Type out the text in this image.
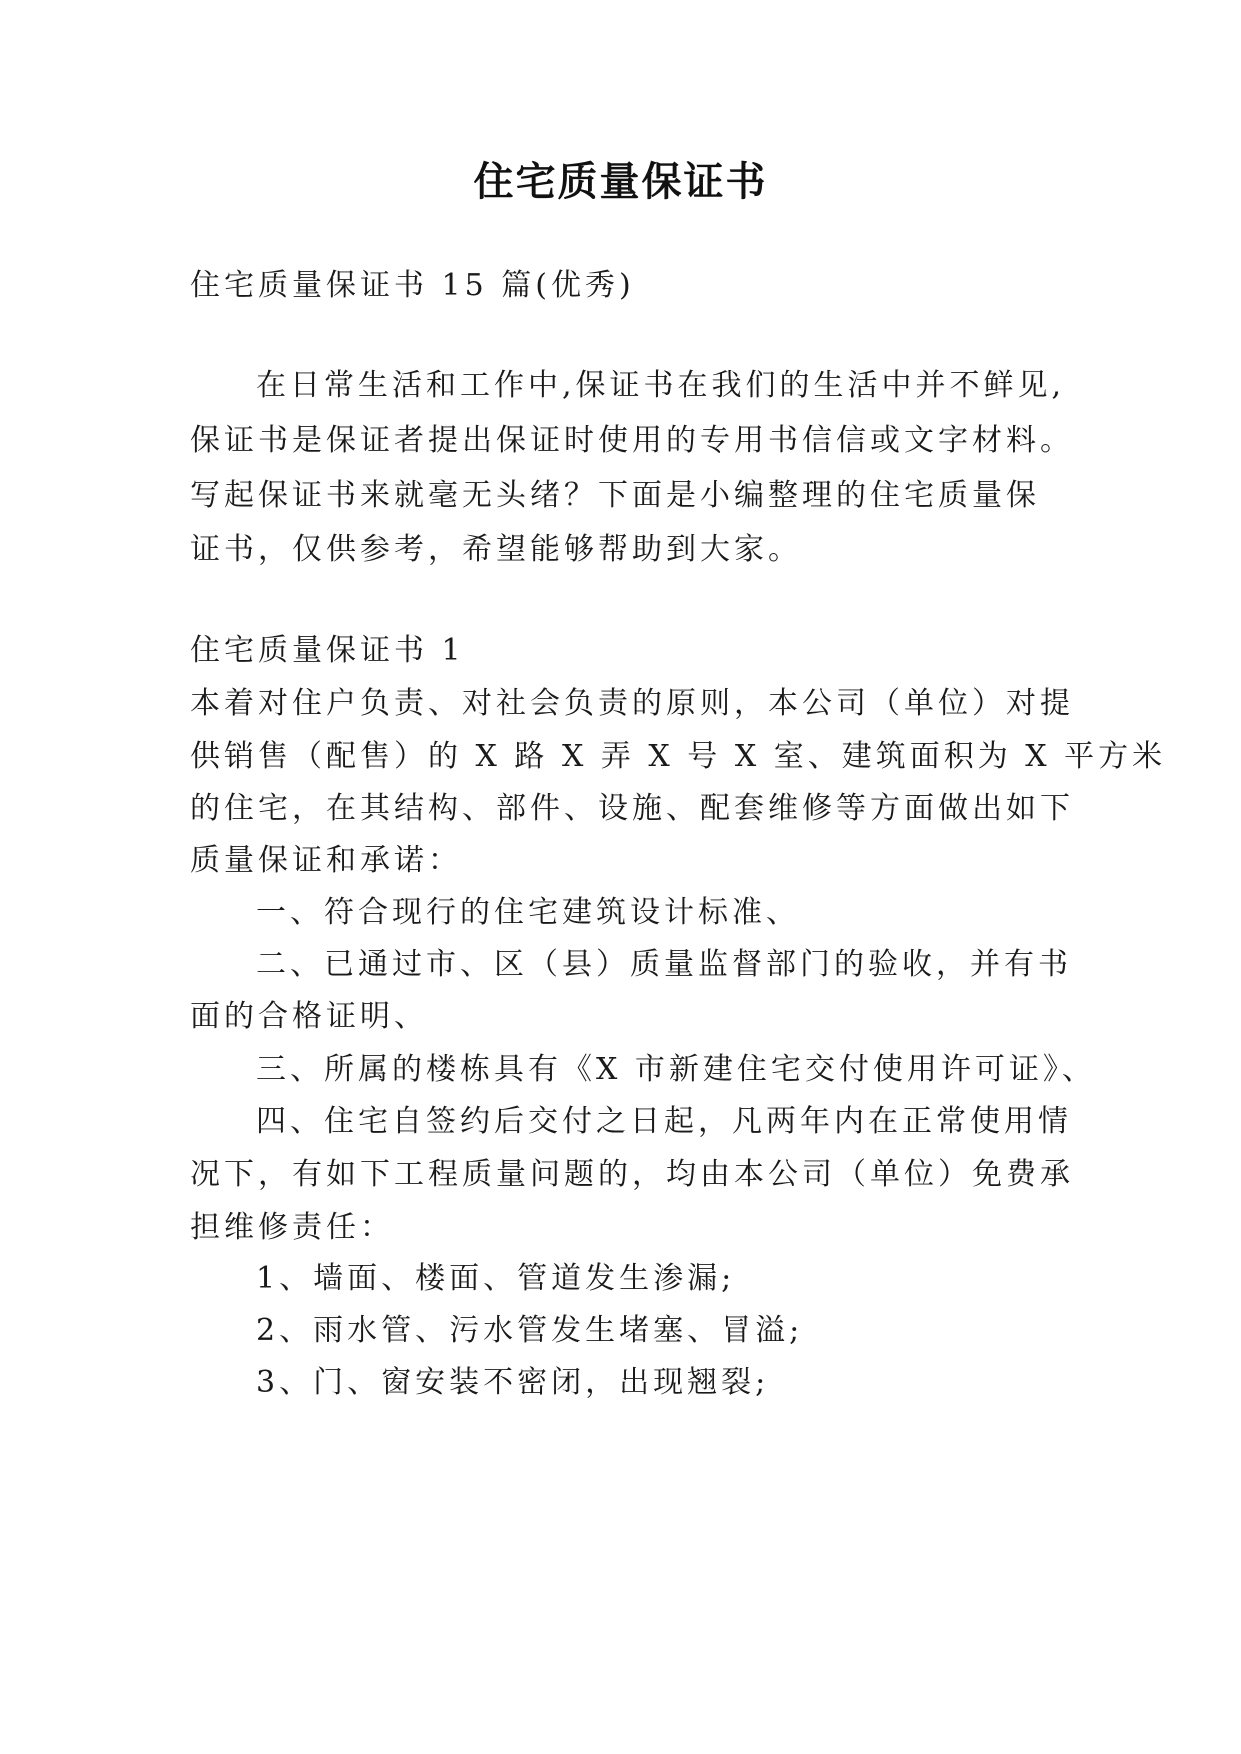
住宅质量保证书
住宅质量保证书 15 篇(优秀)
在日常生活和工作中,保证书在我们的生活中并不鲜见,
保证书是保证者提出保证时使用的专用书信信或文字材料。
写起保证书来就毫无头绪？下面是小编整理的住宅质量保
证书，仅供参考，希望能够帮助到大家。
住宅质量保证书 1
本着对住户负责、对社会负责的原则，本公司（单位）对提
供销售（配售）的 X 路 X 弄 X 号 X 室、建筑面积为 X 平方米
的住宅，在其结构、部件、设施、配套维修等方面做出如下
质量保证和承诺：
一、符合现行的住宅建筑设计标准、
二、已通过市、区（县）质量监督部门的验收，并有书
面的合格证明、
三、所属的楼栋具有《X 市新建住宅交付使用许可证》、
四、住宅自签约后交付之日起，凡两年内在正常使用情
况下，有如下工程质量问题的，均由本公司（单位）免费承
担维修责任：
1、墙面、楼面、管道发生渗漏;
2、雨水管、污水管发生堵塞、冒溢;
3、门、窗安装不密闭，出现翘裂;
